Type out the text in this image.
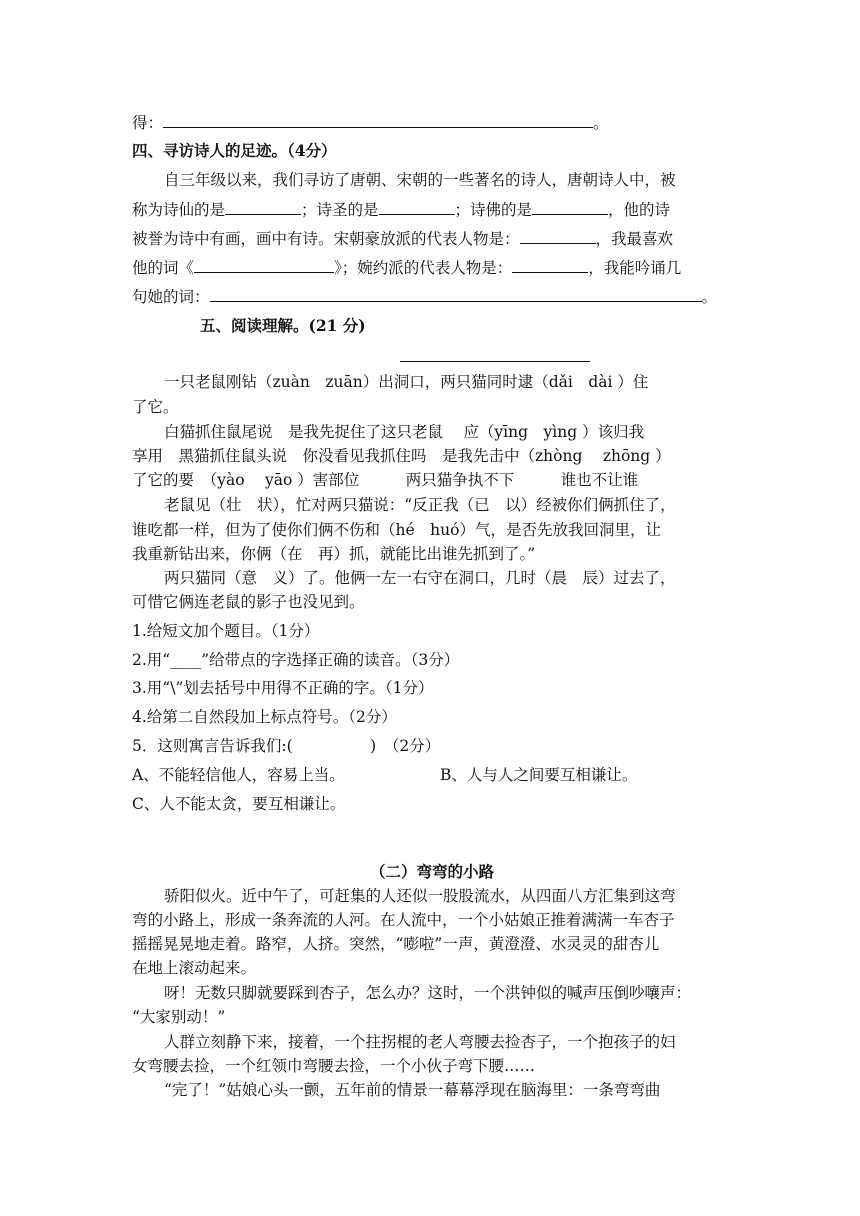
得：	。
四、寻访诗人的足迹。（4分）
自三年级以来，我们寻访了唐朝、宋朝的一些著名的诗人，唐朝诗人中，被
称为诗仙的是	；诗圣的是	；诗佛的是	，他的诗
被誉为诗中有画，画中有诗。宋朝豪放派的代表人物是：	，我最喜欢
他的词《	》；婉约派的代表人物是：	，我能吟诵几
句她的词：	。
五、阅读理解。(21 分)
一只老鼠刚钻（zuàn　zuān）出洞口，两只猫同时逮（dǎi　dài ）住
了它。
白猫抓住鼠尾说　是我先捉住了这只老鼠　 应（yīng　yìng ）该归我
享用　黑猫抓住鼠头说　你没看见我抓住吗　是我先击中（zhòng　 zhōng ）
了它的要　（yào　 yāo ）害部位　　　两只猫争执不下　　　谁也不让谁
老鼠见（壮　状），忙对两只猫说：“反正我（已　以）经被你们俩抓住了，
谁吃都一样，但为了使你们俩不伤和（hé　huó）气，是否先放我回洞里，让
我重新钻出来，你俩（在　再）抓，就能比出谁先抓到了。”
两只猫同（意　义）了。他俩一左一右守在洞口，几时（晨　辰）过去了，
可惜它俩连老鼠的影子也没见到。
1.给短文加个题目。（1分）
2.用“____”给带点的字选择正确的读音。（3分）
3.用“\”划去括号中用得不正确的字。（1分）
4.给第二自然段加上标点符号。（2分）
5．这则寓言告诉我们:(　　　　　)　（2分）
A、不能轻信他人，容易上当。	B、人与人之间要互相谦让。
C、人不能太贪，要互相谦让。
（二）弯弯的小路
骄阳似火。近中午了，可赶集的人还似一股股流水，从四面八方汇集到这弯
弯的小路上，形成一条奔流的人河。在人流中，一个小姑娘正推着满满一车杏子
摇摇晃晃地走着。路窄，人挤。突然，“嘭啦”一声，黄澄澄、水灵灵的甜杏儿
在地上滚动起来。
呀！无数只脚就要踩到杏子，怎么办？这时，一个洪钟似的喊声压倒吵嚷声：
“大家别动！”
人群立刻静下来，接着，一个拄拐棍的老人弯腰去捡杏子，一个抱孩子的妇
女弯腰去捡，一个红领巾弯腰去捡，一个小伙子弯下腰……
“完了！”姑娘心头一颤，五年前的情景一幕幕浮现在脑海里：一条弯弯曲
